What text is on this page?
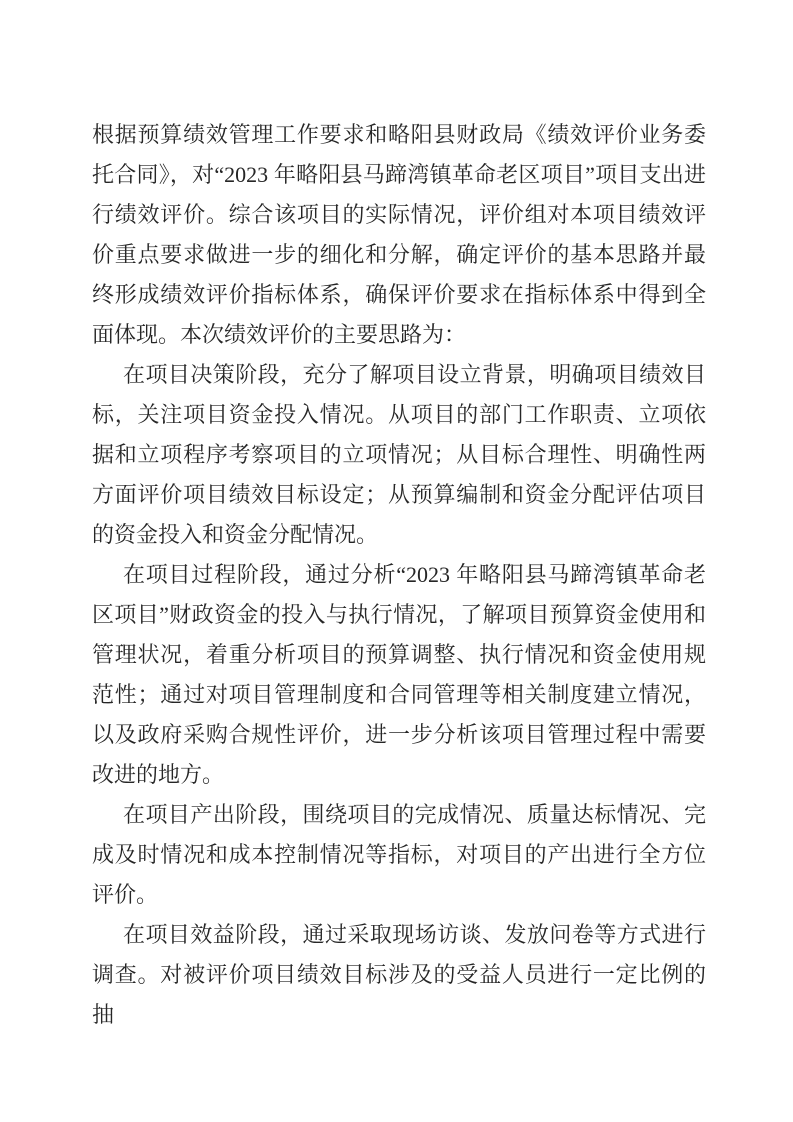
根据预算绩效管理工作要求和略阳县财政局《绩效评价业务委托合同》，对“2023 年略阳县马蹄湾镇革命老区项目”项目支出进行绩效评价。综合该项目的实际情况，评价组对本项目绩效评价重点要求做进一步的细化和分解，确定评价的基本思路并最终形成绩效评价指标体系，确保评价要求在指标体系中得到全面体现。本次绩效评价的主要思路为：

在项目决策阶段，充分了解项目设立背景，明确项目绩效目标，关注项目资金投入情况。从项目的部门工作职责、立项依据和立项程序考察项目的立项情况；从目标合理性、明确性两方面评价项目绩效目标设定；从预算编制和资金分配评估项目的资金投入和资金分配情况。

在项目过程阶段，通过分析“2023 年略阳县马蹄湾镇革命老区项目”财政资金的投入与执行情况，了解项目预算资金使用和管理状况，着重分析项目的预算调整、执行情况和资金使用规范性；通过对项目管理制度和合同管理等相关制度建立情况，以及政府采购合规性评价，进一步分析该项目管理过程中需要改进的地方。

在项目产出阶段，围绕项目的完成情况、质量达标情况、完成及时情况和成本控制情况等指标，对项目的产出进行全方位评价。

在项目效益阶段，通过采取现场访谈、发放问卷等方式进行调查。对被评价项目绩效目标涉及的受益人员进行一定比例的抽
